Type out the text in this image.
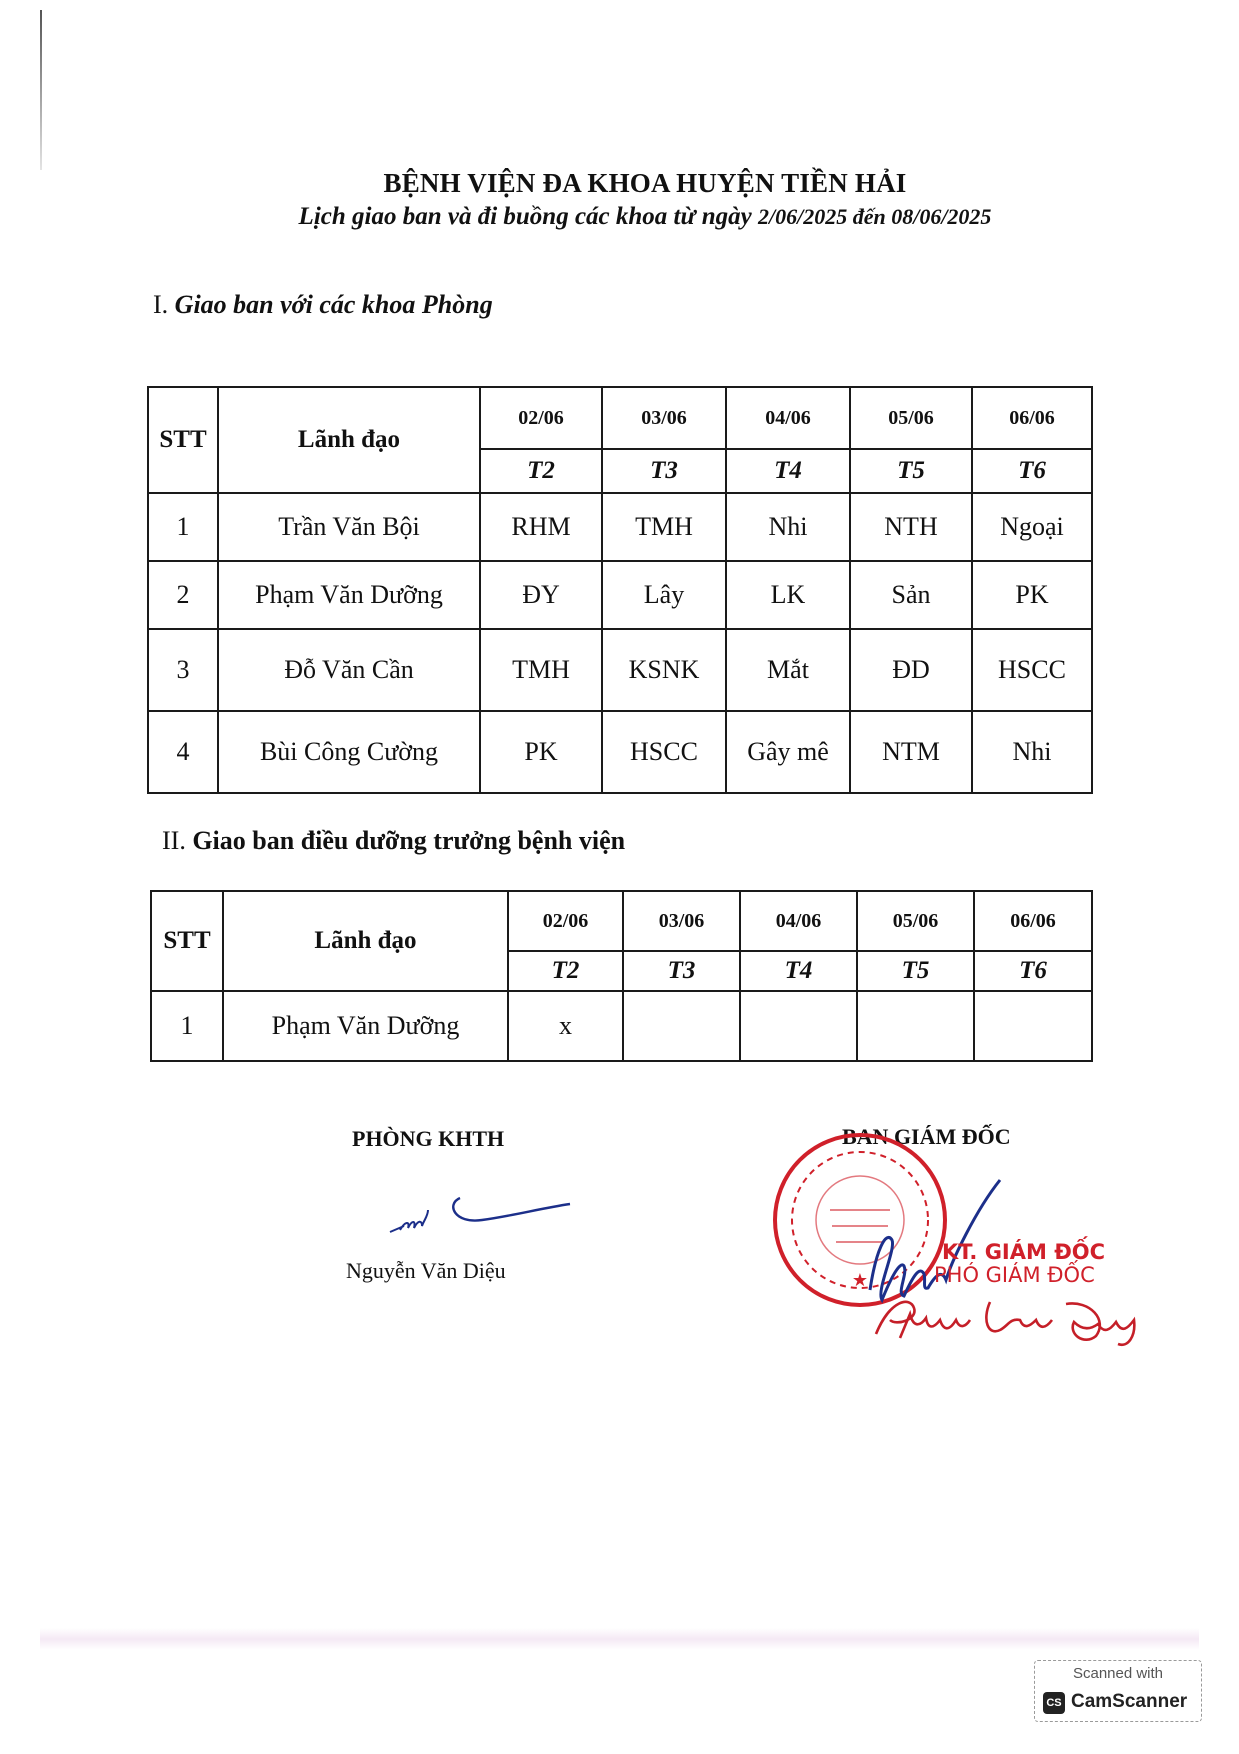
BỆNH VIỆN ĐA KHOA HUYỆN TIỀN HẢI
Lịch giao ban và đi buồng các khoa từ ngày 2/06/2025 đến 08/06/2025
I. Giao ban với các khoa Phòng
STT	Lãnh đạo	02/06	03/06	04/06	05/06	06/06
		T2	T3	T4	T5	T6
1	Trần Văn Bội	RHM	TMH	Nhi	NTH	Ngoại
2	Phạm Văn Dưỡng	ĐY	Lây	LK	Sản	PK
3	Đỗ Văn Cần	TMH	KSNK	Mắt	ĐD	HSCC
4	Bùi Công Cường	PK	HSCC	Gây mê	NTM	Nhi
II. Giao ban điều dưỡng trưởng bệnh viện
STT	Lãnh đạo	02/06	03/06	04/06	05/06	06/06
		T2	T3	T4	T5	T6
1	Phạm Văn Dưỡng	x				
PHÒNG KHTH
Nguyễn Văn Diệu
BAN GIÁM ĐỐC
★
KT. GIÁM ĐỐC
PHÓ GIÁM ĐỐC
Scanned with
CS CamScanner
